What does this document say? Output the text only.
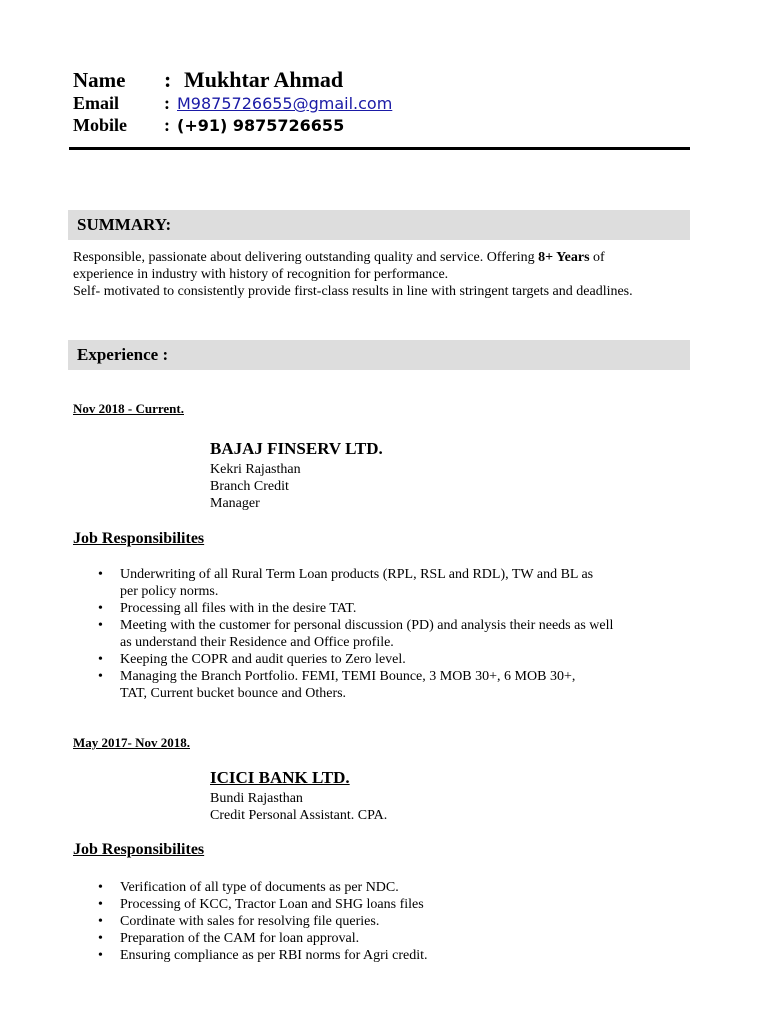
Name : Mukhtar Ahmad
Email : M9875726655@gmail.com
Mobile : (+91) 9875726655
SUMMARY:
Responsible, passionate about delivering outstanding quality and service. Offering 8+ Years of
experience in industry with history of recognition for performance.
Self- motivated to consistently provide first-class results in line with stringent targets and deadlines.
Experience :
Nov 2018 - Current.
BAJAJ FINSERV LTD.
Kekri Rajasthan
Branch Credit
Manager
Job Responsibilites
• Underwriting of all Rural Term Loan products (RPL, RSL and RDL), TW and BL as
per policy norms.
• Processing all files with in the desire TAT.
• Meeting with the customer for personal discussion (PD) and analysis their needs as well
as understand their Residence and Office profile.
• Keeping the COPR and audit queries to Zero level.
• Managing the Branch Portfolio. FEMI, TEMI Bounce, 3 MOB 30+, 6 MOB 30+,
TAT, Current bucket bounce and Others.
May 2017- Nov 2018.
ICICI BANK LTD.
Bundi Rajasthan
Credit Personal Assistant. CPA.
Job Responsibilites
• Verification of all type of documents as per NDC.
• Processing of KCC, Tractor Loan and SHG loans files
• Cordinate with sales for resolving file queries.
• Preparation of the CAM for loan approval.
• Ensuring compliance as per RBI norms for Agri credit.
